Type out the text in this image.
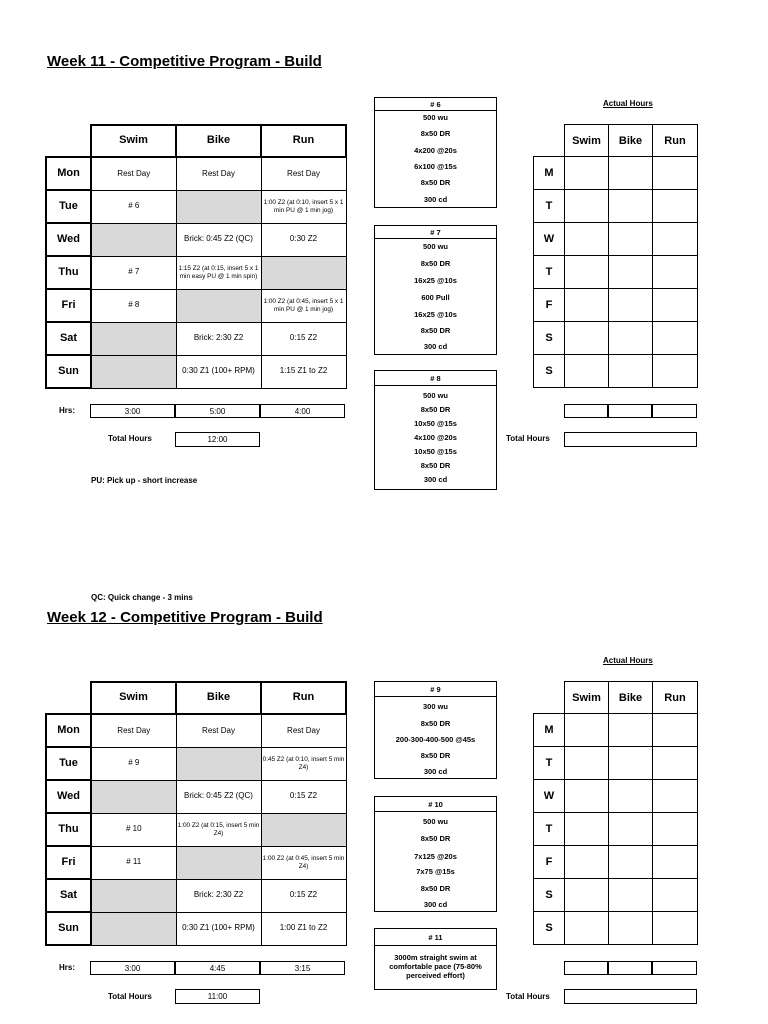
Week 11 - Competitive Program - Build
	Swim	Bike	Run
Mon	Rest Day	Rest Day	Rest Day
Tue	# 6		1:00 Z2 (at 0:10, insert 5 x 1 min PU @ 1 min jog)
Wed		Brick: 0:45 Z2 (QC)	0:30 Z2
Thu	# 7	1:15 Z2 (at 0:15, insert 5 x 1 min easy PU @ 1 min spin)	
Fri	# 8		1:00 Z2 (at 0:45, insert 5 x 1 min PU @ 1 min jog)
Sat		Brick: 2:30 Z2	0:15 Z2
Sun		0:30 Z1 (100+ RPM)	1:15 Z1 to Z2
Hrs:	3:00	5:00	4:00
Total Hours	12:00
PU: Pick up - short increase
QC: Quick change - 3 mins
# 6
500 wu
8x50 DR
4x200 @20s
6x100 @15s
8x50 DR
300 cd
# 7
500 wu
8x50 DR
16x25 @10s
600 Pull
16x25 @10s
8x50 DR
300 cd
# 8
500 wu
8x50 DR
10x50 @15s
4x100 @20s
10x50 @15s
8x50 DR
300 cd
Actual Hours
	Swim	Bike	Run
M			
T			
W			
T			
F			
S			
S			
Total Hours
Week 12 - Competitive Program - Build
	Swim	Bike	Run
Mon	Rest Day	Rest Day	Rest Day
Tue	# 9		0:45 Z2 (at 0:10, insert 5 min Z4)
Wed		Brick: 0:45 Z2 (QC)	0:15 Z2
Thu	# 10	1:00 Z2 (at 0:15, insert 5 min Z4)	
Fri	# 11		1:00 Z2 (at 0:45, insert 5 min Z4)
Sat		Brick: 2:30 Z2	0:15 Z2
Sun		0:30 Z1 (100+ RPM)	1:00 Z1 to Z2
Hrs:	3:00	4:45	3:15
Total Hours	11:00
# 9
300 wu
8x50 DR
200-300-400-500 @45s
8x50 DR
300 cd
# 10
500 wu
8x50 DR
7x125 @20s
7x75 @15s
8x50 DR
300 cd
# 11
3000m straight swim at comfortable pace (75-80% perceived effort)
Actual Hours
	Swim	Bike	Run
M			
T			
W			
T			
F			
S			
S			
Total Hours
